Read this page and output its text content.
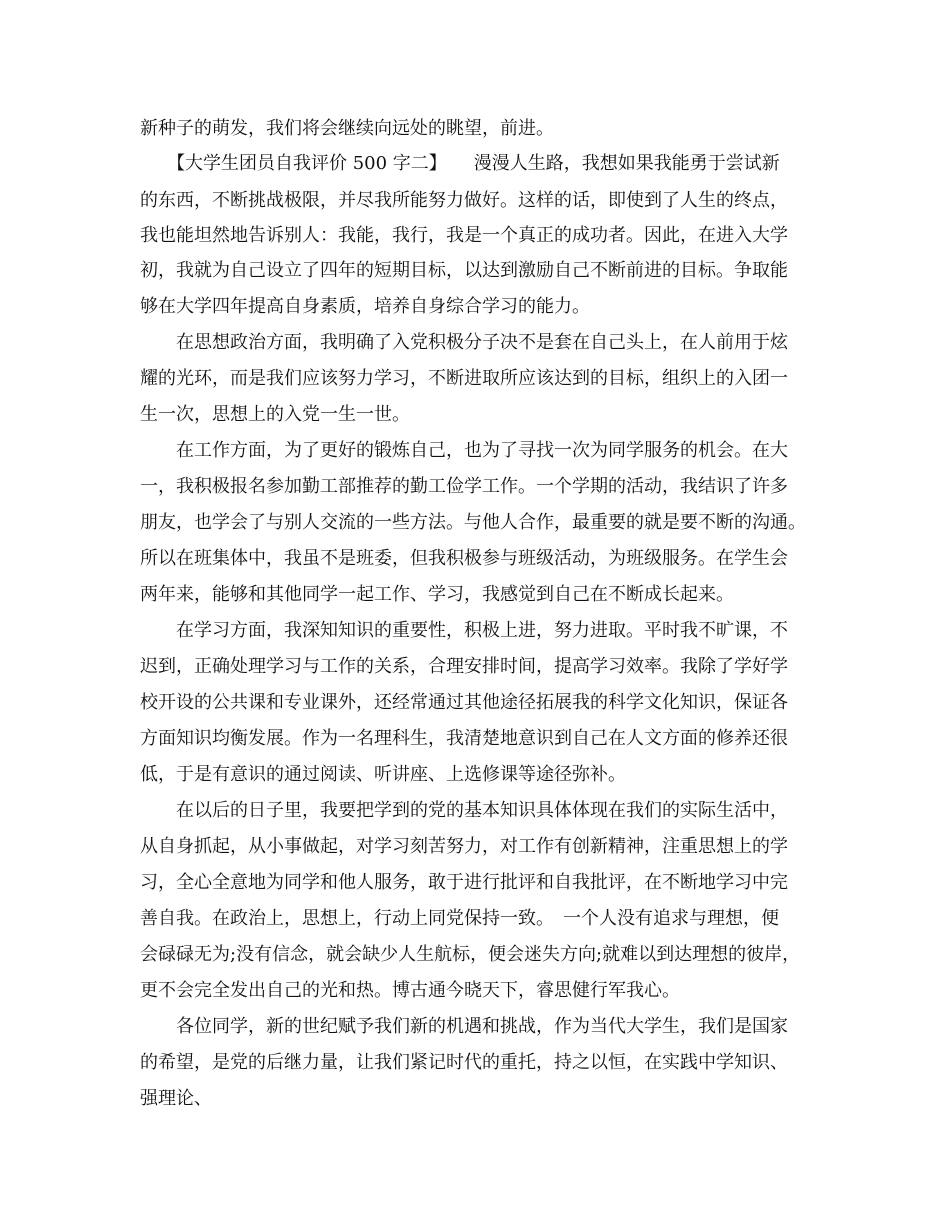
新种子的萌发，我们将会继续向远处的眺望，前进。
　　【大学生团员自我评价 500 字二】　　漫漫人生路，我想如果我能勇于尝试新
的东西，不断挑战极限，并尽我所能努力做好。这样的话，即使到了人生的终点，
我也能坦然地告诉别人：我能，我行，我是一个真正的成功者。因此，在进入大学
初，我就为自己设立了四年的短期目标，以达到激励自己不断前进的目标。争取能
够在大学四年提高自身素质，培养自身综合学习的能力。
　　在思想政治方面，我明确了入党积极分子决不是套在自己头上，在人前用于炫
耀的光环，而是我们应该努力学习，不断进取所应该达到的目标，组织上的入团一
生一次，思想上的入党一生一世。
　　在工作方面，为了更好的锻炼自己，也为了寻找一次为同学服务的机会。在大
一，我积极报名参加勤工部推荐的勤工俭学工作。一个学期的活动，我结识了许多
朋友，也学会了与别人交流的一些方法。与他人合作，最重要的就是要不断的沟通。
所以在班集体中，我虽不是班委，但我积极参与班级活动，为班级服务。在学生会
两年来，能够和其他同学一起工作、学习，我感觉到自己在不断成长起来。
　　在学习方面，我深知知识的重要性，积极上进，努力进取。平时我不旷课，不
迟到，正确处理学习与工作的关系，合理安排时间，提高学习效率。我除了学好学
校开设的公共课和专业课外，还经常通过其他途径拓展我的科学文化知识，保证各
方面知识均衡发展。作为一名理科生，我清楚地意识到自己在人文方面的修养还很
低，于是有意识的通过阅读、听讲座、上选修课等途径弥补。
　　在以后的日子里，我要把学到的党的基本知识具体体现在我们的实际生活中，
从自身抓起，从小事做起，对学习刻苦努力，对工作有创新精神，注重思想上的学
习，全心全意地为同学和他人服务，敢于进行批评和自我批评，在不断地学习中完
善自我。在政治上，思想上，行动上同党保持一致。　一个人没有追求与理想，便
会碌碌无为;没有信念，就会缺少人生航标，便会迷失方向;就难以到达理想的彼岸，
更不会完全发出自己的光和热。博古通今晓天下，睿思健行军我心。
　　各位同学，新的世纪赋予我们新的机遇和挑战，作为当代大学生，我们是国家
的希望，是党的后继力量，让我们紧记时代的重托，持之以恒，在实践中学知识、
强理论、
